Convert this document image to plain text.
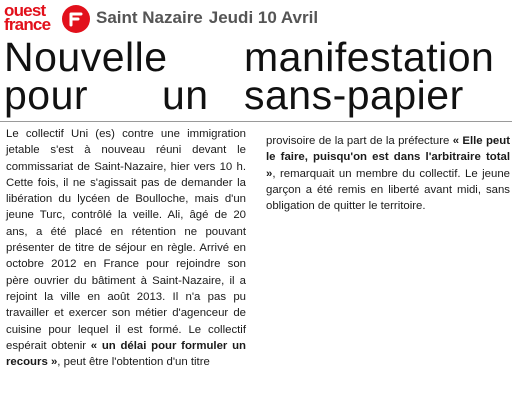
ouest
france	Saint Nazaire Jeudi 10 Avril
Nouvelle manifestation
pour un sans-papier
Le collectif Uni (es) contre une immigration jetable s'est à nouveau réuni devant le commissariat de Saint-Nazaire, hier vers 10 h. Cette fois, il ne s'agissait pas de demander la libération du lycéen de Boulloche, mais d'un jeune Turc, contrôlé la veille. Ali, âgé de 20 ans, a été placé en rétention ne pouvant présenter de titre de séjour en règle. Arrivé en octobre 2012 en France pour rejoindre son père ouvrier du bâtiment à Saint-Nazaire, il a rejoint la ville en août 2013. Il n'a pas pu travailler et exercer son métier d'agenceur de cuisine pour lequel il est formé. Le collectif espérait obtenir « un délai pour formuler un recours », peut être l'obtention d'un titre
provisoire de la part de la préfecture « Elle peut le faire, puisqu'on est dans l'arbitraire total », remarquait un membre du collectif. Le jeune garçon a été remis en liberté avant midi, sans obligation de quitter le territoire.
